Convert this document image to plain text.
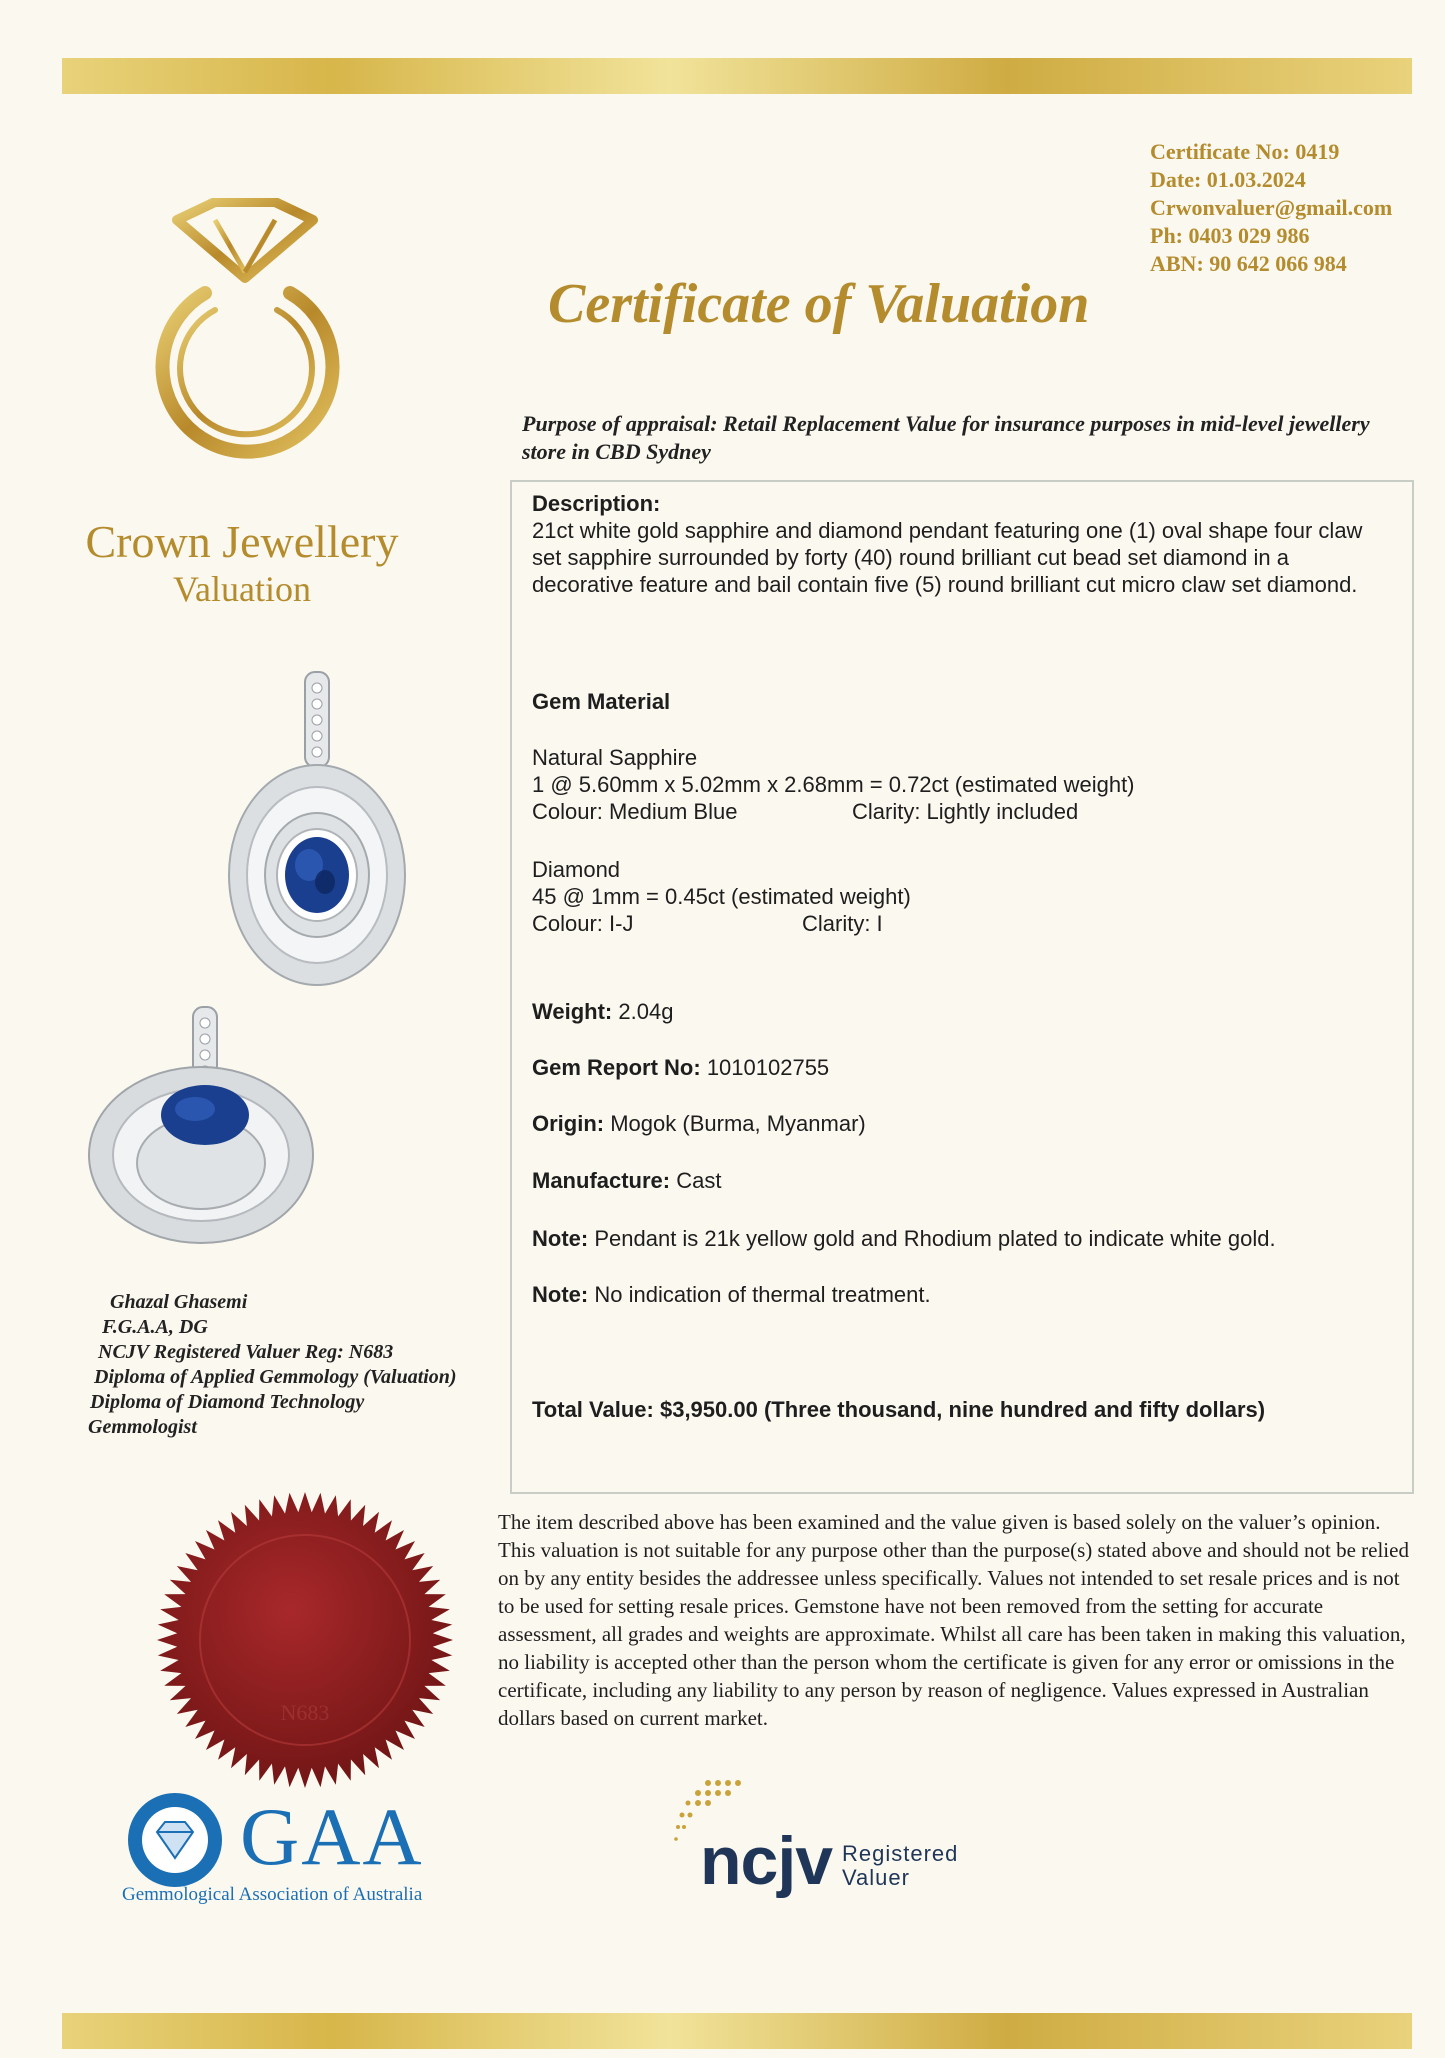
Certificate No: 0419
Date: 01.03.2024
Crwonvaluer@gmail.com
Ph: 0403 029 986
ABN: 90 642 066 984
Certificate of Valuation
Crown Jewellery
Valuation
Ghazal Ghasemi
F.G.A.A, DG
NCJV Registered Valuer Reg: N683
Diploma of Applied Gemmology (Valuation)
Diploma of Diamond Technology
Gemmologist
Purpose of appraisal: Retail Replacement Value for insurance purposes in mid-level jewellery store in CBD Sydney
Description:
21ct white gold sapphire and diamond pendant featuring one (1) oval shape four claw set sapphire surrounded by forty (40) round brilliant cut bead set diamond in a decorative feature and bail contain five (5) round brilliant cut micro claw set diamond.
Gem Material
Natural Sapphire
1 @ 5.60mm x 5.02mm x 2.68mm = 0.72ct (estimated weight)
Colour: Medium Blue	Clarity: Lightly included
Diamond
45 @ 1mm = 0.45ct (estimated weight)
Colour: I-J	Clarity: I
Weight: 2.04g
Gem Report No: 1010102755
Origin: Mogok (Burma, Myanmar)
Manufacture: Cast
Note: Pendant is 21k yellow gold and Rhodium plated to indicate white gold.
Note: No indication of thermal treatment.
Total Value: $3,950.00 (Three thousand, nine hundred and fifty dollars)
The item described above has been examined and the value given is based solely on the valuer’s opinion. This valuation is not suitable for any purpose other than the purpose(s) stated above and should not be relied on by any entity besides the addressee unless specifically. Values not intended to set resale prices and is not to be used for setting resale prices. Gemstone have not been removed from the setting for accurate assessment, all grades and weights are approximate. Whilst all care has been taken in making this valuation, no liability is accepted other than the person whom the certificate is given for any error or omissions in the certificate, including any liability to any person by reason of negligence. Values expressed in Australian dollars based on current market.
N683
GAA
Gemmological Association of Australia	ncjv Registered
Valuer
